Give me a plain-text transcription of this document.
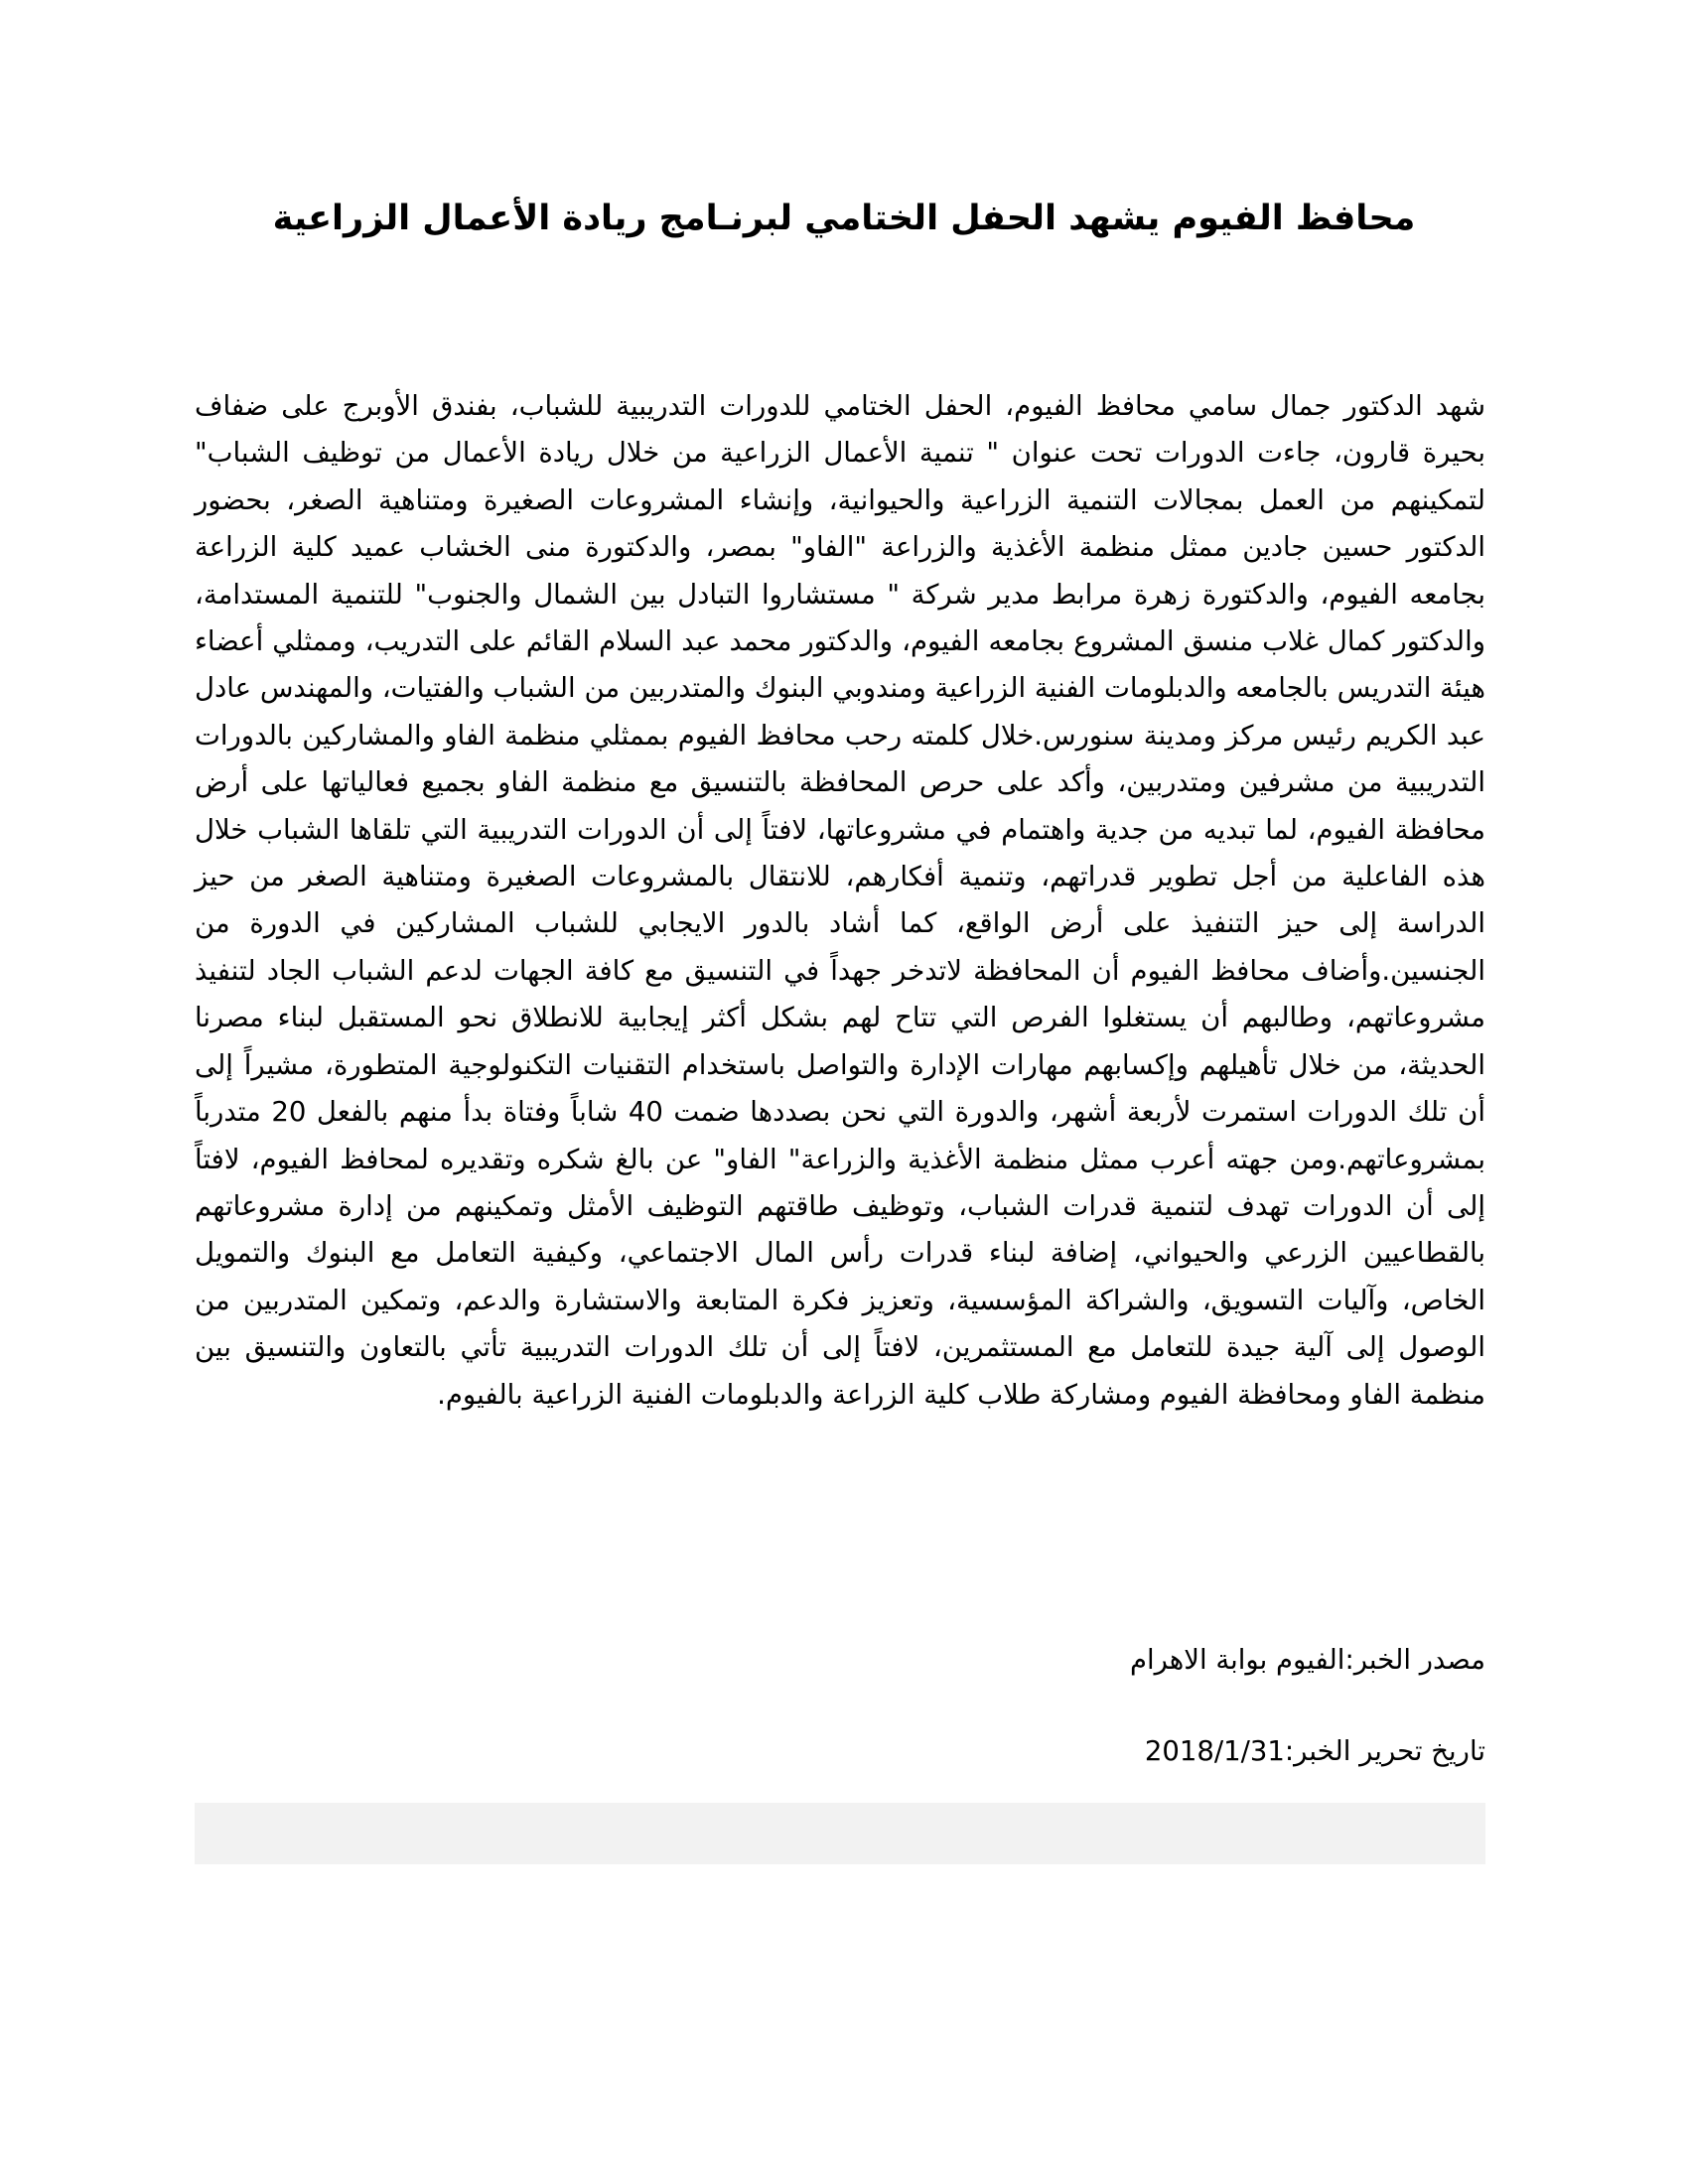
محافظ الفيوم يشهد الحفل الختامي لبرنـامج ريادة الأعمال الزراعية

شهد الدكتور جمال سامي محافظ الفيوم، الحفل الختامي للدورات التدريبية للشباب، بفندق الأوبرج على ضفاف بحيرة قارون، جاءت الدورات تحت عنوان " تنمية الأعمال الزراعية من خلال ريادة الأعمال من توظيف الشباب" لتمكينهم من العمل بمجالات التنمية الزراعية والحيوانية، وإنشاء المشروعات الصغيرة ومتناهية الصغر، بحضور الدكتور حسين جادين ممثل منظمة الأغذية والزراعة "الفاو" بمصر، والدكتورة منى الخشاب عميد كلية الزراعة بجامعه الفيوم، والدكتورة زهرة مرابط مدير شركة " مستشاروا التبادل بين الشمال والجنوب" للتنمية المستدامة، والدكتور كمال غلاب منسق المشروع بجامعه الفيوم، والدكتور محمد عبد السلام القائم على التدريب، وممثلي أعضاء هيئة التدريس بالجامعه والدبلومات الفنية الزراعية ومندوبي البنوك والمتدربين من الشباب والفتيات، والمهندس عادل عبد الكريم رئيس مركز ومدينة سنورس.خلال كلمته رحب محافظ الفيوم بممثلي منظمة الفاو والمشاركين بالدورات التدريبية من مشرفين ومتدربين، وأكد على حرص المحافظة بالتنسيق مع منظمة الفاو بجميع فعالياتها على أرض محافظة الفيوم، لما تبديه من جدية واهتمام في مشروعاتها، لافتاً إلى أن الدورات التدريبية التي تلقاها الشباب خلال هذه الفاعلية من أجل تطوير قدراتهم، وتنمية أفكارهم، للانتقال بالمشروعات الصغيرة ومتناهية الصغر من حيز الدراسة إلى حيز التنفيذ على أرض الواقع، كما أشاد بالدور الايجابي للشباب المشاركين في الدورة من الجنسين.وأضاف محافظ الفيوم أن المحافظة لاتدخر جهداً في التنسيق مع كافة الجهات لدعم الشباب الجاد لتنفيذ مشروعاتهم، وطالبهم أن يستغلوا الفرص التي تتاح لهم بشكل أكثر إيجابية للانطلاق نحو المستقبل لبناء مصرنا الحديثة، من خلال تأهيلهم وإكسابهم مهارات الإدارة والتواصل باستخدام التقنيات التكنولوجية المتطورة، مشيراً إلى أن تلك الدورات استمرت لأربعة أشهر، والدورة التي نحن بصددها ضمت 40 شاباً وفتاة بدأ منهم بالفعل 20 متدرباً بمشروعاتهم.ومن جهته أعرب ممثل منظمة الأغذية والزراعة" الفاو" عن بالغ شكره وتقديره لمحافظ الفيوم، لافتاً إلى أن الدورات تهدف لتنمية قدرات الشباب، وتوظيف طاقتهم التوظيف الأمثل وتمكينهم من إدارة مشروعاتهم بالقطاعيين الزرعي والحيواني، إضافة لبناء قدرات رأس المال الاجتماعي، وكيفية التعامل مع البنوك والتمويل الخاص، وآليات التسويق، والشراكة المؤسسية، وتعزيز فكرة المتابعة والاستشارة والدعم، وتمكين المتدربين من الوصول إلى آلية جيدة للتعامل مع المستثمرين، لافتاً إلى أن تلك الدورات التدريبية تأتي بالتعاون والتنسيق بين منظمة الفاو ومحافظة الفيوم ومشاركة طلاب كلية الزراعة والدبلومات الفنية الزراعية بالفيوم.

مصدر الخبر:الفيوم بوابة الاهرام

تاريخ تحرير الخبر:2018/1/31
